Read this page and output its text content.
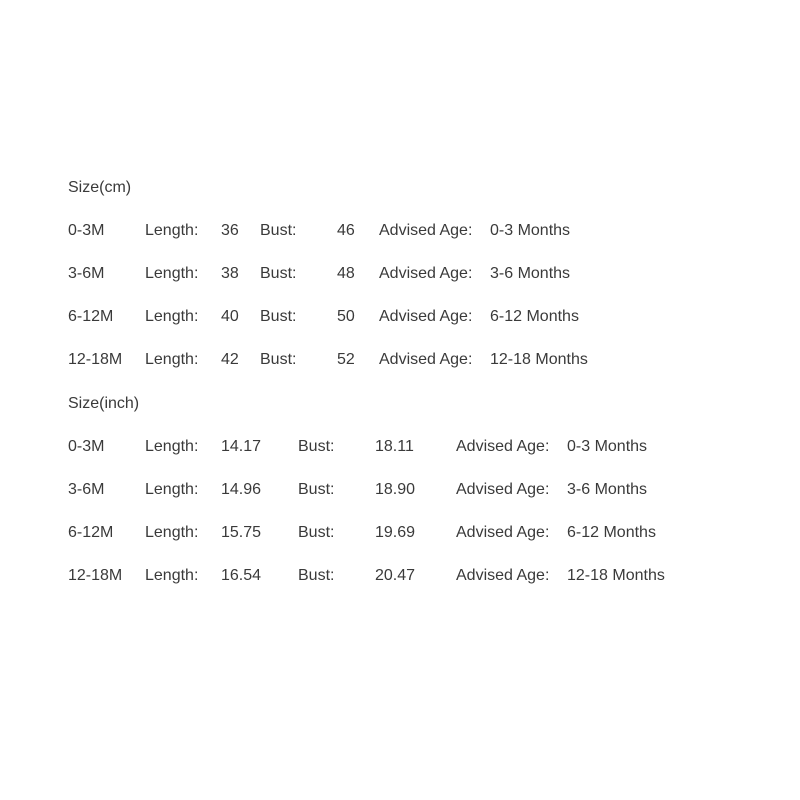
Size(cm)
0-3M	Length: 36 Bust:	46 Advised Age: 0-3 Months
3-6M	Length: 38 Bust:	48 Advised Age: 3-6 Months
6-12M Length: 40 Bust:	50 Advised Age: 6-12 Months
12-18M Length: 42 Bust:	52 Advised Age: 12-18 Months
Size(inch)
0-3M	Length: 14.17 Bust:	18.11	Advised Age: 0-3 Months
3-6M	Length: 14.96 Bust:	18.90	Advised Age: 3-6 Months
6-12M Length: 15.75 Bust:	19.69	Advised Age: 6-12 Months
12-18M Length: 16.54 Bust:	20.47	Advised Age: 12-18 Months
